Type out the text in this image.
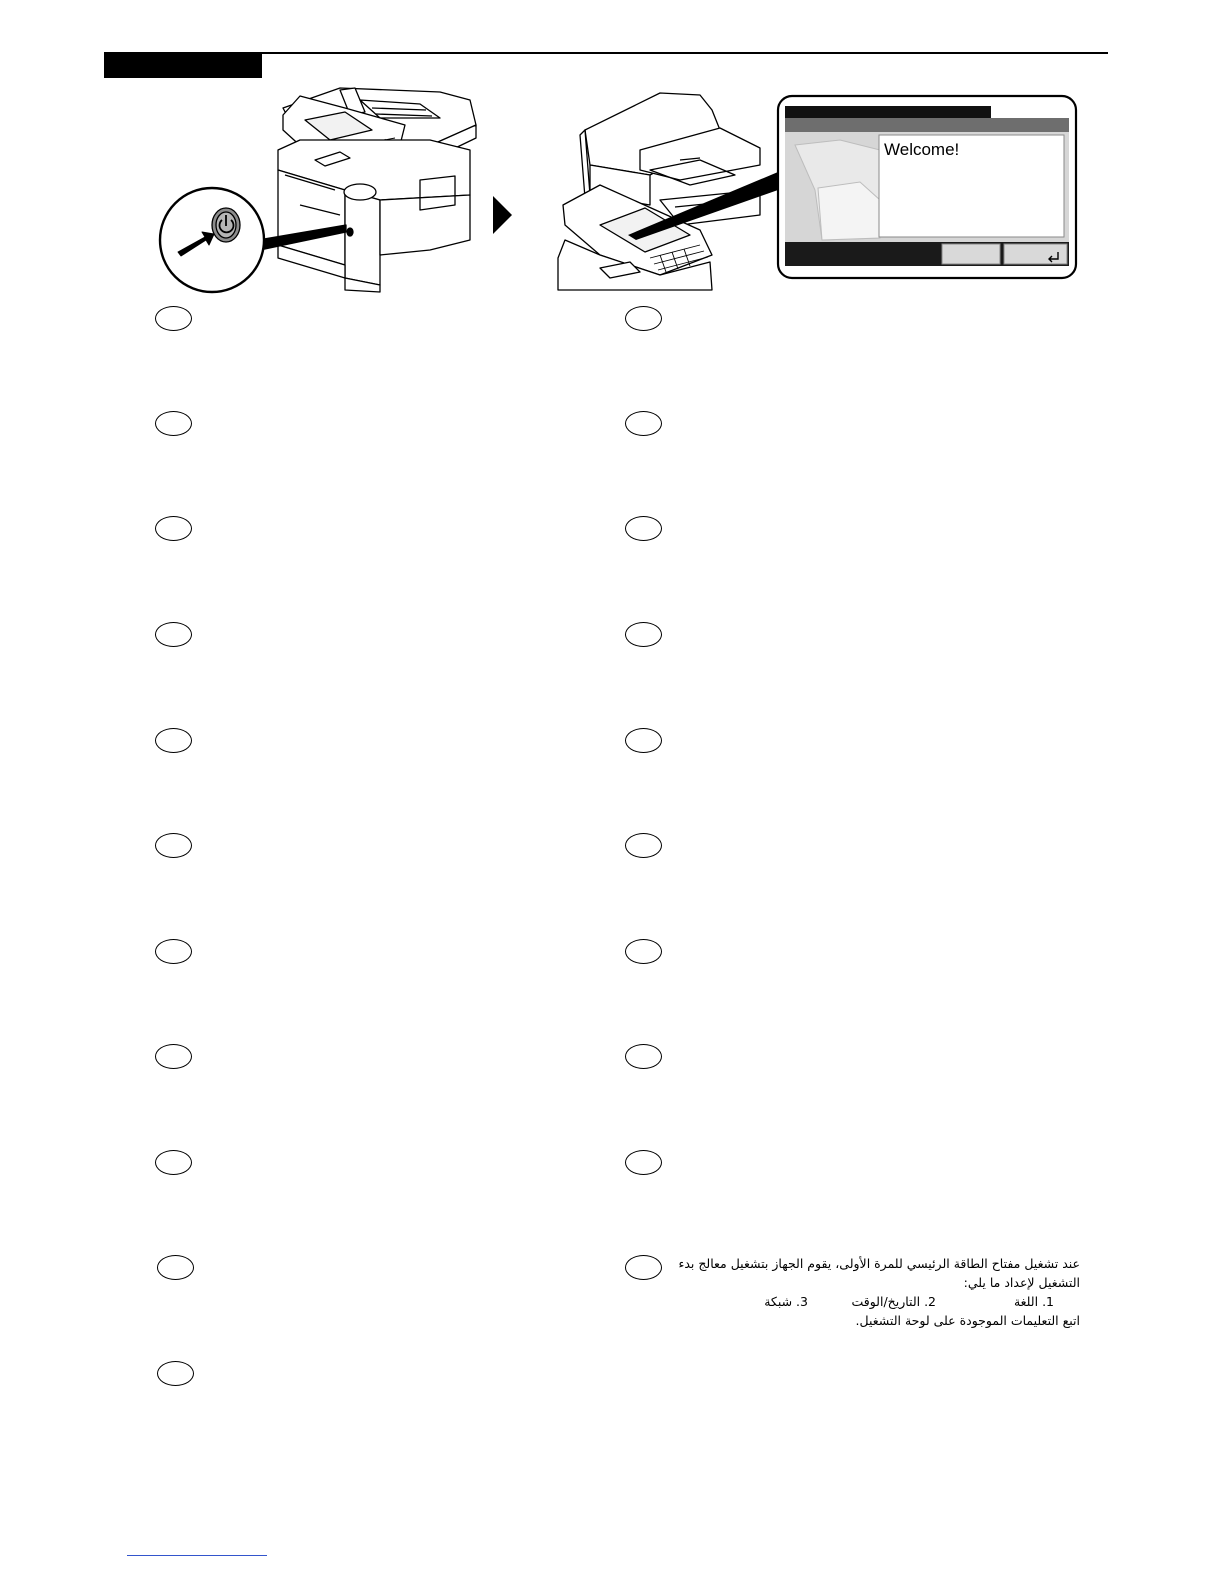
Welcome!

عند تشغيل مفتاح الطاقة الرئيسي للمرة الأولى، يقوم الجهاز بتشغيل معالج بدء

التشغيل لإعداد ما يلي:

1. اللغة
2. التاريخ/الوقت
3. شبكة

اتبع التعليمات الموجودة على لوحة التشغيل.
